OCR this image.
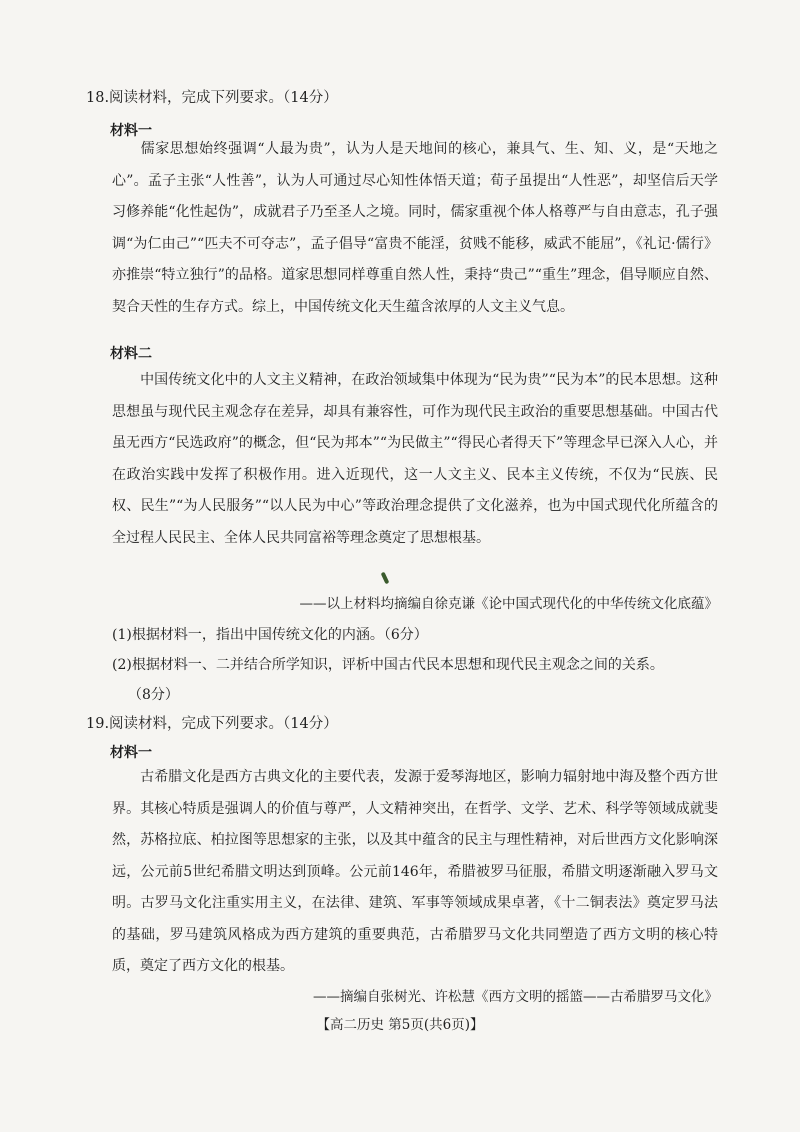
18.阅读材料，完成下列要求。（14分）
材料一
儒家思想始终强调“人最为贵”，认为人是天地间的核心，兼具气、生、知、义，是“天地之心”。孟子主张“人性善”，认为人可通过尽心知性体悟天道；荀子虽提出“人性恶”，却坚信后天学习修养能“化性起伪”，成就君子乃至圣人之境。同时，儒家重视个体人格尊严与自由意志，孔子强调“为仁由己”“匹夫不可夺志”，孟子倡导“富贵不能淫，贫贱不能移，威武不能屈”，《礼记·儒行》亦推崇“特立独行”的品格。道家思想同样尊重自然人性，秉持“贵己”“重生”理念，倡导顺应自然、契合天性的生存方式。综上，中国传统文化天生蕴含浓厚的人文主义气息。
材料二
中国传统文化中的人文主义精神，在政治领域集中体现为“民为贵”“民为本”的民本思想。这种思想虽与现代民主观念存在差异，却具有兼容性，可作为现代民主政治的重要思想基础。中国古代虽无西方“民选政府”的概念，但“民为邦本”“为民做主”“得民心者得天下”等理念早已深入人心，并在政治实践中发挥了积极作用。进入近现代，这一人文主义、民本主义传统，不仅为“民族、民权、民生”“为人民服务”“以人民为中心”等政治理念提供了文化滋养，也为中国式现代化所蕴含的全过程人民民主、全体人民共同富裕等理念奠定了思想根基。
——以上材料均摘编自徐克谦《论中国式现代化的中华传统文化底蕴》
(1)根据材料一，指出中国传统文化的内涵。（6分）
(2)根据材料一、二并结合所学知识，评析中国古代民本思想和现代民主观念之间的关系。
（8分）
19.阅读材料，完成下列要求。（14分）
材料一
古希腊文化是西方古典文化的主要代表，发源于爱琴海地区，影响力辐射地中海及整个西方世界。其核心特质是强调人的价值与尊严，人文精神突出，在哲学、文学、艺术、科学等领域成就斐然，苏格拉底、柏拉图等思想家的主张，以及其中蕴含的民主与理性精神，对后世西方文化影响深远，公元前5世纪希腊文明达到顶峰。公元前146年，希腊被罗马征服，希腊文明逐渐融入罗马文明。古罗马文化注重实用主义，在法律、建筑、军事等领域成果卓著，《十二铜表法》奠定罗马法的基础，罗马建筑风格成为西方建筑的重要典范，古希腊罗马文化共同塑造了西方文明的核心特质，奠定了西方文化的根基。
——摘编自张树光、许松慧《西方文明的摇篮——古希腊罗马文化》
【高二历史 第5页(共6页)】
